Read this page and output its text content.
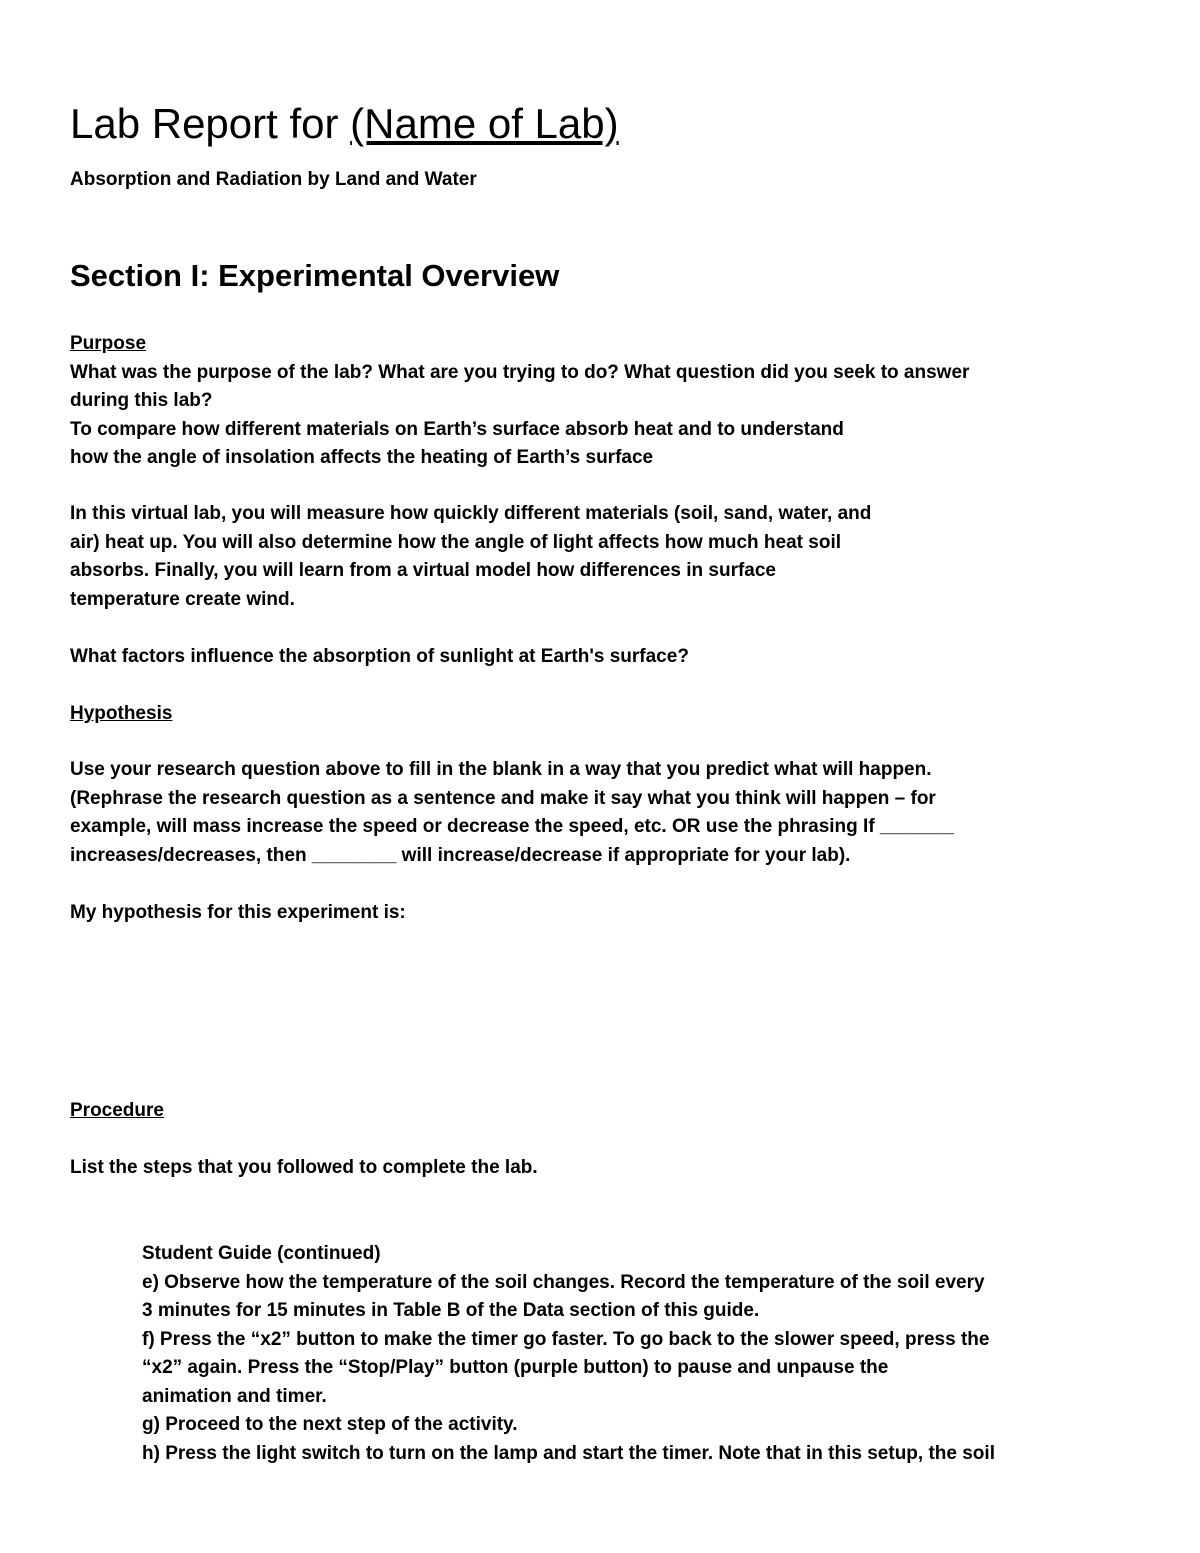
Lab Report for (Name of Lab)
Absorption and Radiation by Land and Water
Section I: Experimental Overview
Purpose
What was the purpose of the lab? What are you trying to do? What question did you seek to answer
during this lab?
To compare how different materials on Earth’s surface absorb heat and to understand
how the angle of insolation affects the heating of Earth’s surface
In this virtual lab, you will measure how quickly different materials (soil, sand, water, and
air) heat up. You will also determine how the angle of light affects how much heat soil
absorbs. Finally, you will learn from a virtual model how differences in surface
temperature create wind.
What factors influence the absorption of sunlight at Earth's surface?
Hypothesis
Use your research question above to fill in the blank in a way that you predict what will happen.
(Rephrase the research question as a sentence and make it say what you think will happen – for
example, will mass increase the speed or decrease the speed, etc. OR use the phrasing If _______
increases/decreases, then ________ will increase/decrease if appropriate for your lab).
My hypothesis for this experiment is:
Procedure
List the steps that you followed to complete the lab.
Student Guide (continued)
e) Observe how the temperature of the soil changes. Record the temperature of the soil every
3 minutes for 15 minutes in Table B of the Data section of this guide.
f) Press the “x2” button to make the timer go faster. To go back to the slower speed, press the
“x2” again. Press the “Stop/Play” button (purple button) to pause and unpause the
animation and timer.
g) Proceed to the next step of the activity.
h) Press the light switch to turn on the lamp and start the timer. Note that in this setup, the soil
